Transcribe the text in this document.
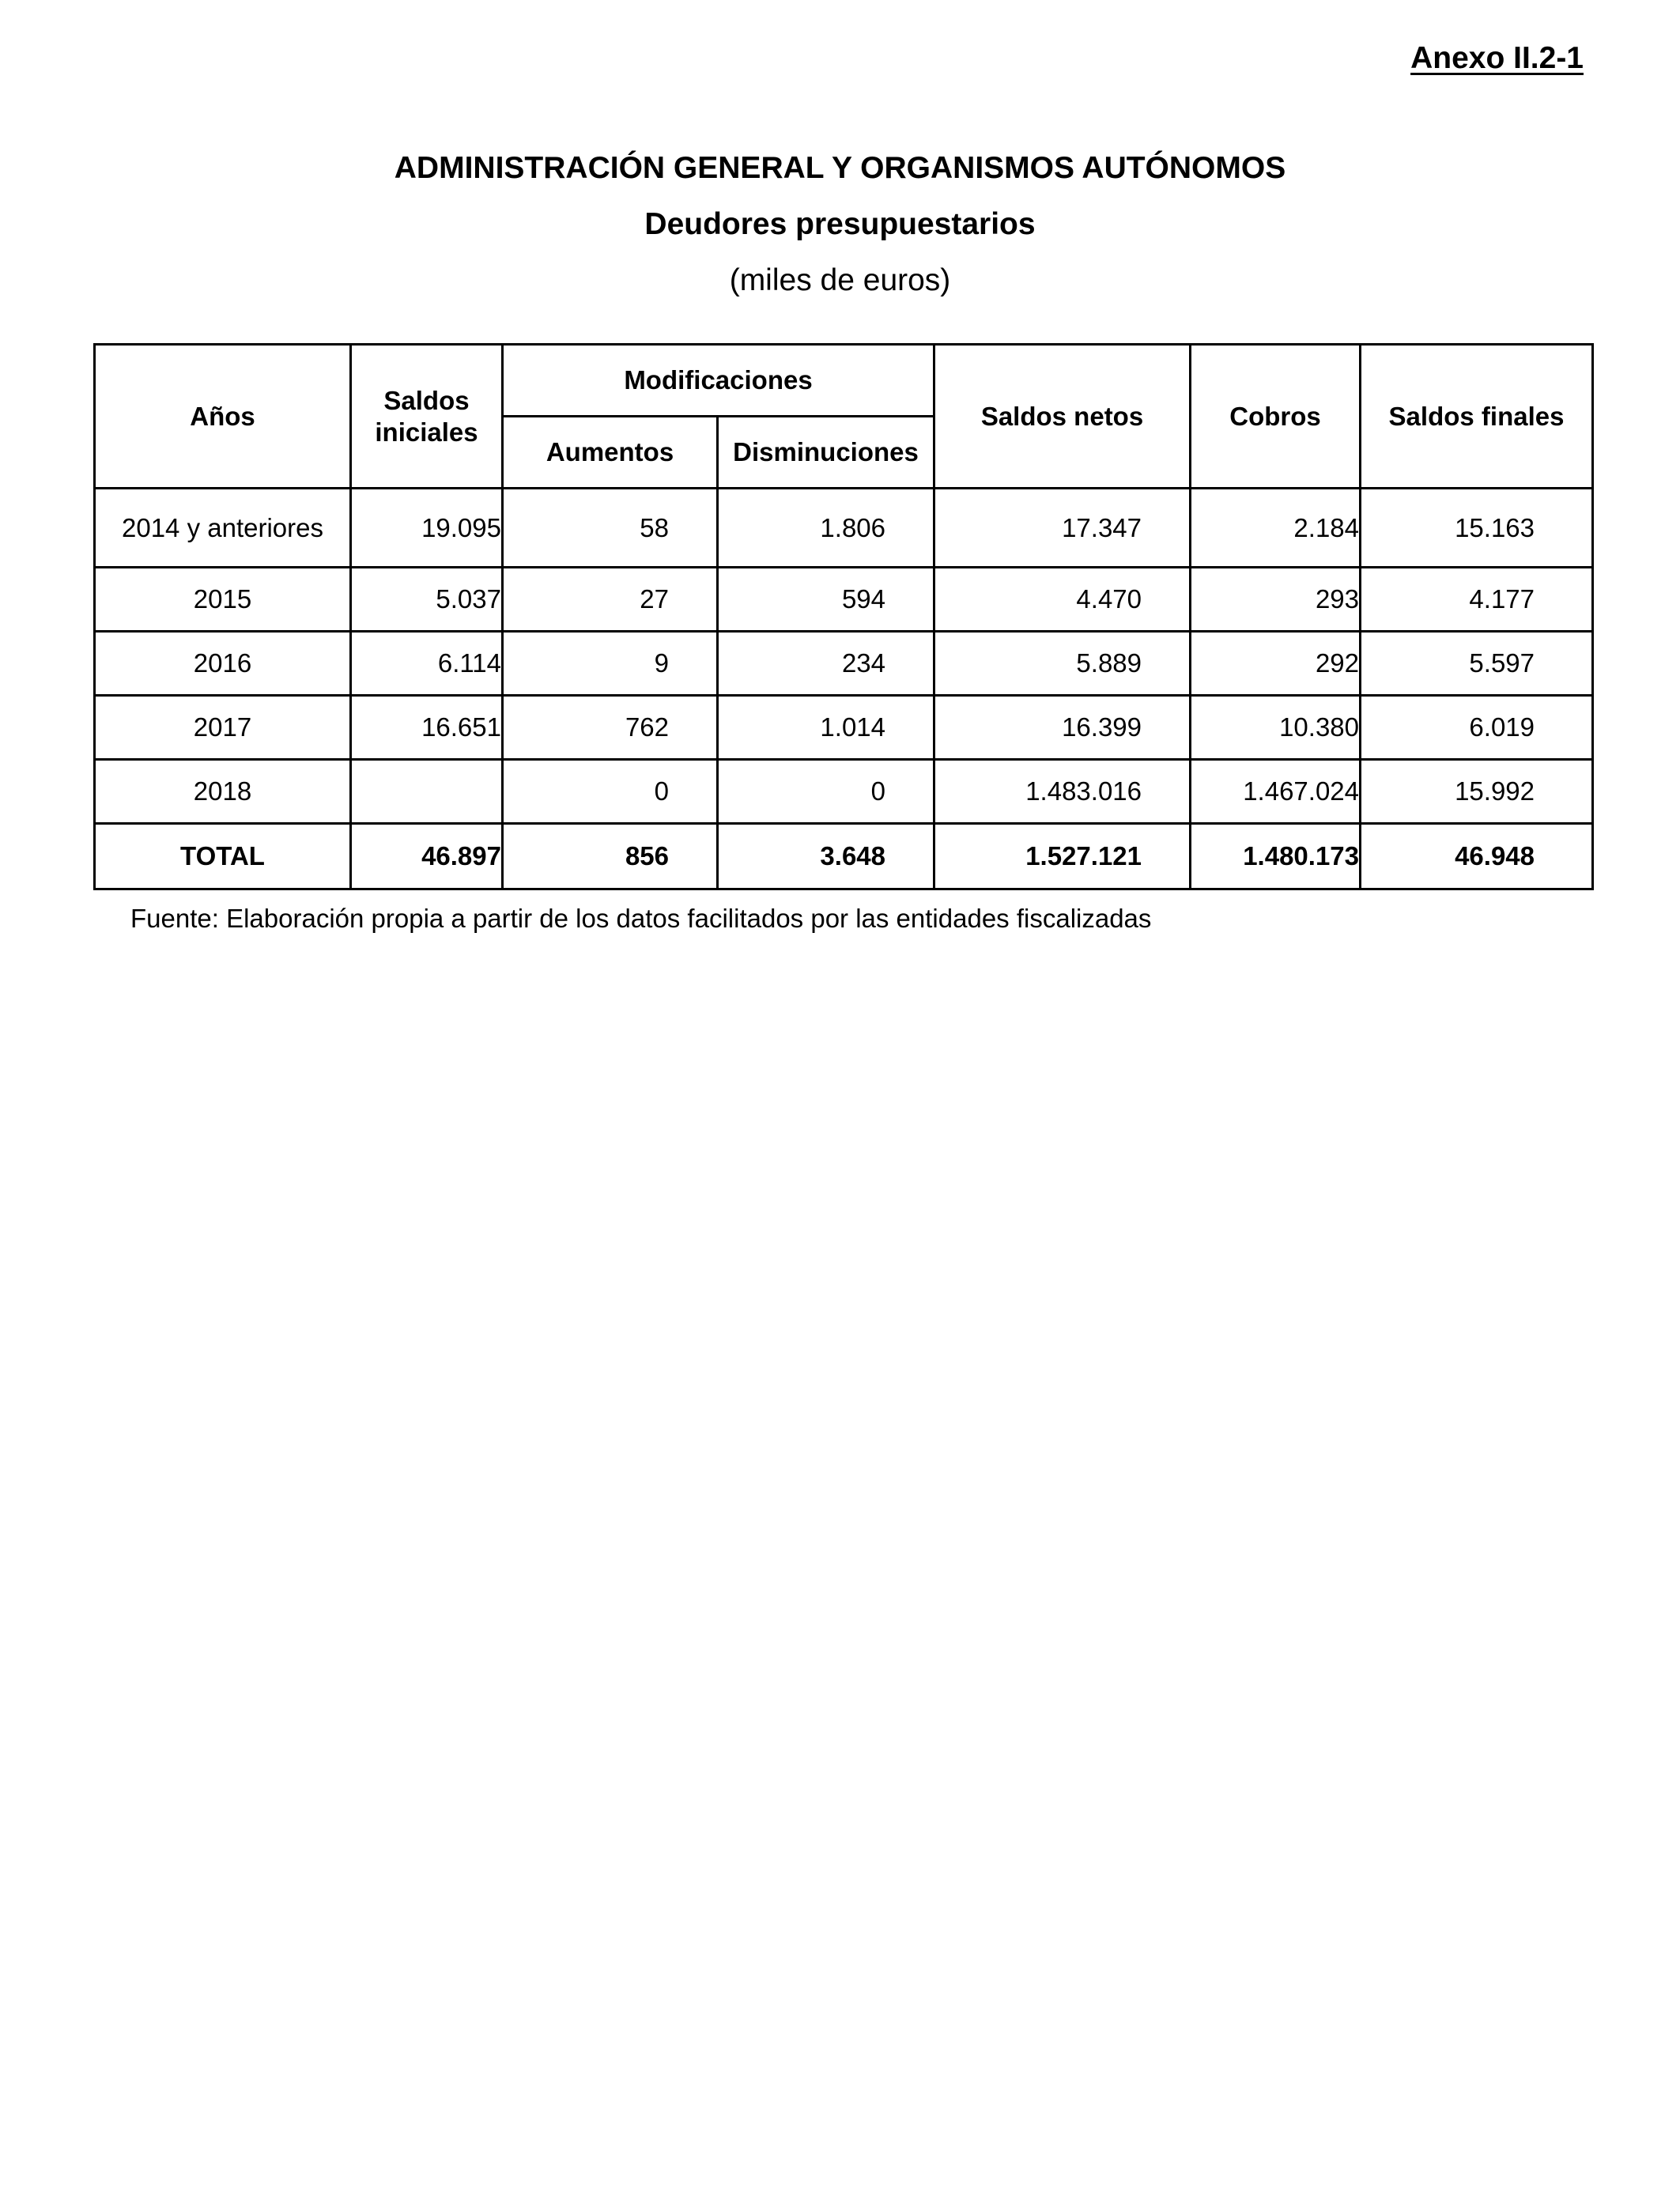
Anexo II.2-1

ADMINISTRACIÓN GENERAL Y ORGANISMOS AUTÓNOMOS

Deudores presupuestarios

(miles de euros)

Años	Saldos iniciales	Modificaciones		Saldos netos	Cobros	Saldos finales
		Aumentos	Disminuciones			
2014 y anteriores	19.095	58	1.806	17.347	2.184	15.163
2015	5.037	27	594	4.470	293	4.177
2016	6.114	9	234	5.889	292	5.597
2017	16.651	762	1.014	16.399	10.380	6.019
2018		0	0	1.483.016	1.467.024	15.992
TOTAL	46.897	856	3.648	1.527.121	1.480.173	46.948

Fuente: Elaboración propia a partir de los datos facilitados por las entidades fiscalizadas
